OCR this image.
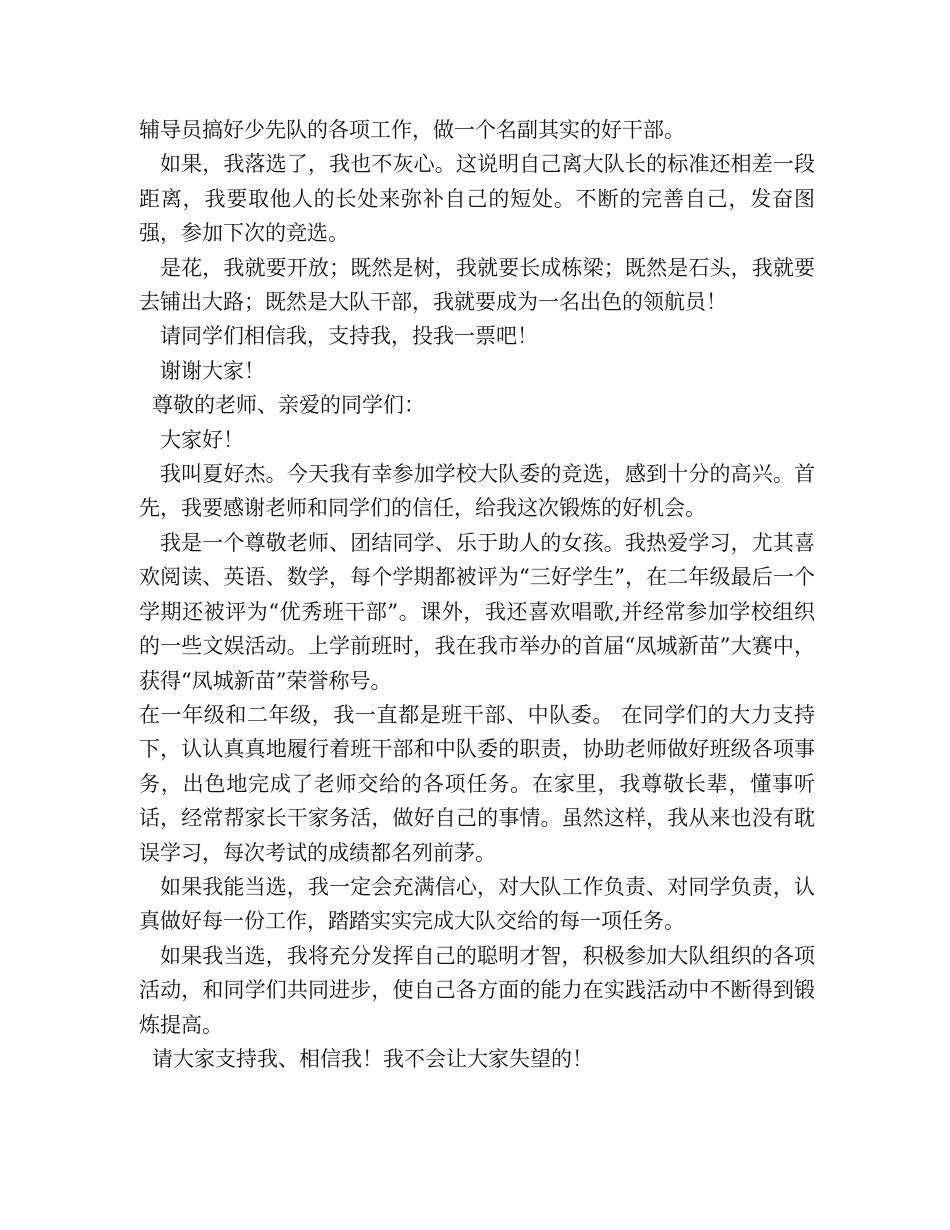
辅导员搞好少先队的各项工作，做一个名副其实的好干部。

如果，我落选了，我也不灰心。这说明自己离大队长的标准还相差一段距离，我要取他人的长处来弥补自己的短处。不断的完善自己，发奋图强，参加下次的竞选。

是花，我就要开放；既然是树，我就要长成栋梁；既然是石头，我就要去铺出大路；既然是大队干部，我就要成为一名出色的领航员！

请同学们相信我，支持我，投我一票吧！

谢谢大家！

尊敬的老师、亲爱的同学们：

大家好！

我叫夏好杰。今天我有幸参加学校大队委的竞选，感到十分的高兴。首先，我要感谢老师和同学们的信任，给我这次锻炼的好机会。

我是一个尊敬老师、团结同学、乐于助人的女孩。我热爱学习，尤其喜欢阅读、英语、数学，每个学期都被评为“三好学生”，在二年级最后一个学期还被评为“优秀班干部”。课外，我还喜欢唱歌,并经常参加学校组织的一些文娱活动。上学前班时，我在我市举办的首届“凤城新苗”大赛中，获得“凤城新苗”荣誉称号。

在一年级和二年级，我一直都是班干部、中队委。 在同学们的大力支持下，认认真真地履行着班干部和中队委的职责，协助老师做好班级各项事务，出色地完成了老师交给的各项任务。在家里，我尊敬长辈，懂事听话，经常帮家长干家务活，做好自己的事情。虽然这样，我从来也没有耽误学习，每次考试的成绩都名列前茅。

如果我能当选，我一定会充满信心，对大队工作负责、对同学负责，认真做好每一份工作，踏踏实实完成大队交给的每一项任务。

如果我当选，我将充分发挥自己的聪明才智，积极参加大队组织的各项活动，和同学们共同进步，使自己各方面的能力在实践活动中不断得到锻炼提高。

请大家支持我、相信我！我不会让大家失望的！
